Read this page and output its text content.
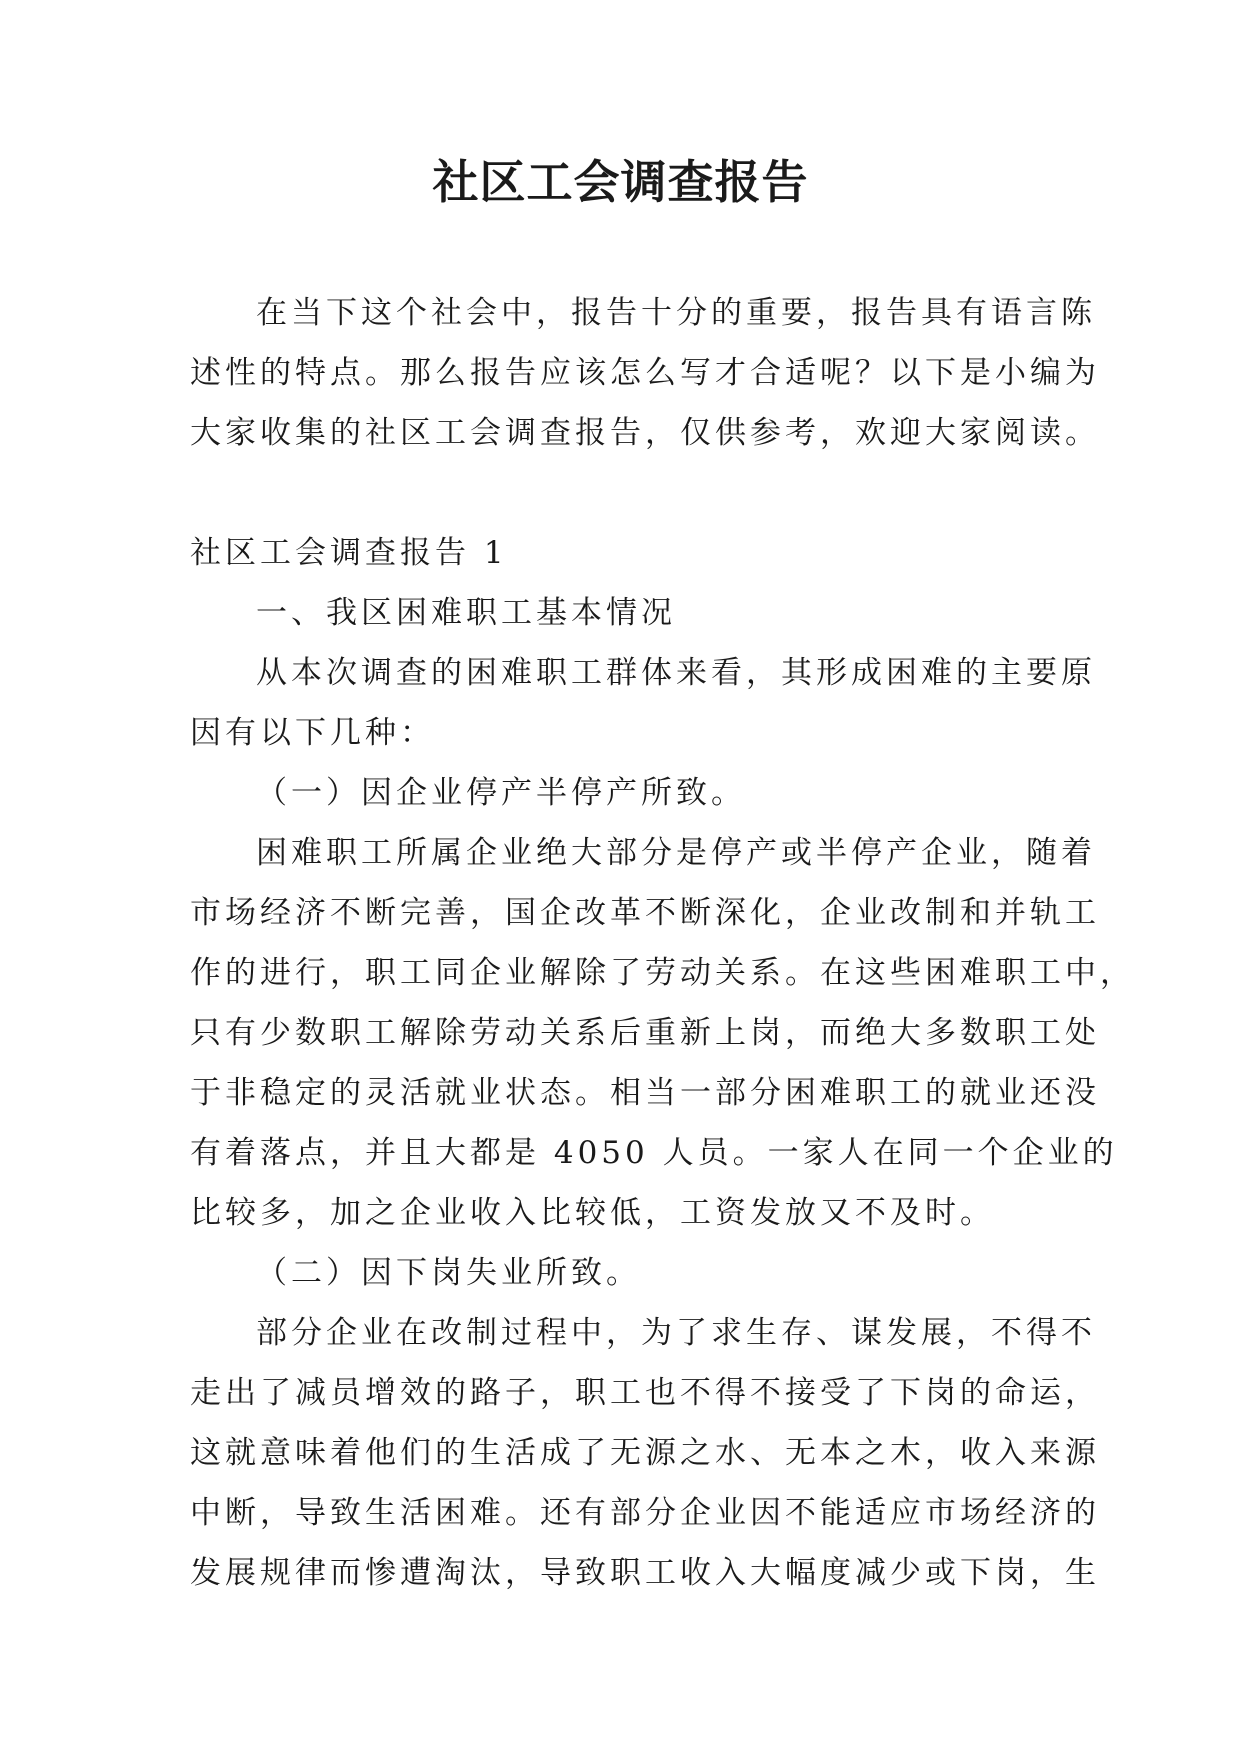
社区工会调查报告

在当下这个社会中，报告十分的重要，报告具有语言陈

述性的特点。那么报告应该怎么写才合适呢？以下是小编为

大家收集的社区工会调查报告，仅供参考，欢迎大家阅读。

社区工会调查报告 1

一、我区困难职工基本情况

从本次调查的困难职工群体来看，其形成困难的主要原

因有以下几种：

（一）因企业停产半停产所致。

困难职工所属企业绝大部分是停产或半停产企业，随着

市场经济不断完善，国企改革不断深化，企业改制和并轨工

作的进行，职工同企业解除了劳动关系。在这些困难职工中，

只有少数职工解除劳动关系后重新上岗，而绝大多数职工处

于非稳定的灵活就业状态。相当一部分困难职工的就业还没

有着落点，并且大都是 4050 人员。一家人在同一个企业的

比较多，加之企业收入比较低，工资发放又不及时。

（二）因下岗失业所致。

部分企业在改制过程中，为了求生存、谋发展，不得不

走出了减员增效的路子，职工也不得不接受了下岗的命运，

这就意味着他们的生活成了无源之水、无本之木，收入来源

中断，导致生活困难。还有部分企业因不能适应市场经济的

发展规律而惨遭淘汰，导致职工收入大幅度减少或下岗，生
